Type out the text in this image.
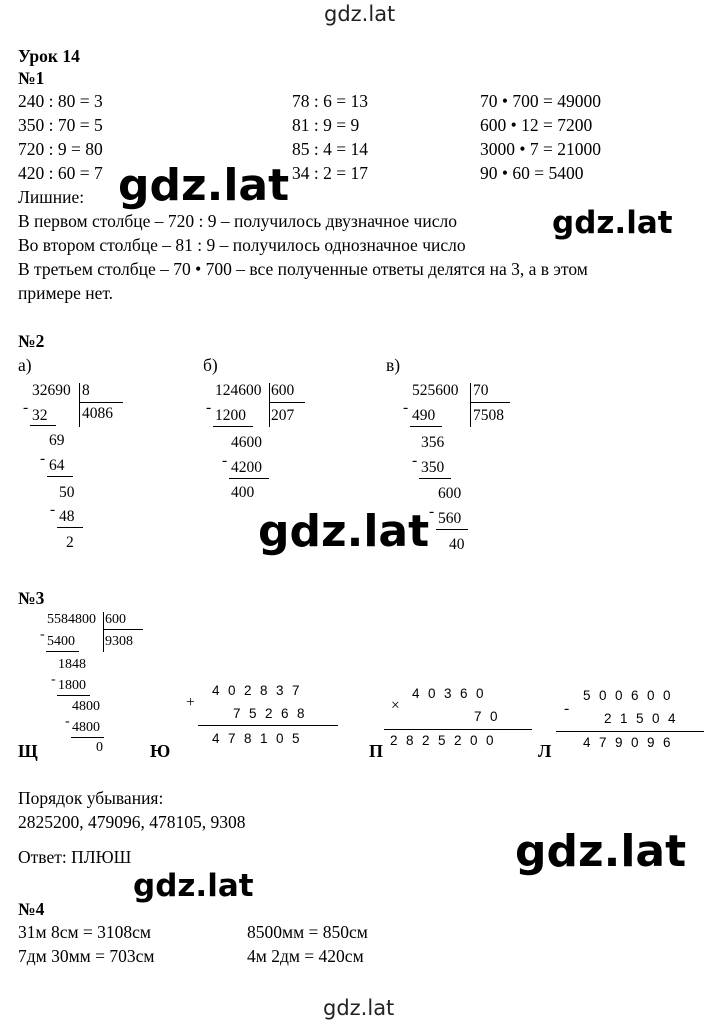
gdz.lat
gdz.lat
gdz.lat
gdz.lat
gdz.lat
gdz.lat
gdz.lat
Урок 14
№1
240 : 80 = 3
350 : 70 = 5
720 : 9 = 80
420 : 60 = 7
78 : 6 = 13
81 : 9 = 9
85 : 4 = 14
34 : 2 = 17
70 • 700 = 49000
600 • 12 = 7200
3000 • 7 = 21000
90 • 60 = 5400
Лишние:
В первом столбце – 720 : 9 – получилось двузначное число
Во втором столбце – 81 : 9 – получилось однозначное число
В третьем столбце – 70 • 700 – все полученные ответы делятся на 3, а в этом
примере нет.
№2
а)	б)	в)
32690 8
4086
- 32
69
- 64
50
- 48
2
124600 600
207
- 1200
4600
- 4200
400
525600 70
7508
- 490
356
- 350
600
- 560
40
№3
5584800 600
9308
- 5400
1848
- 1800
4800
- 4800
0
Щ
402837
+
75268
478105
Ю
40360
×
70
2825200
П
500600
-
21504
479096
Л
Порядок убывания:
2825200, 479096, 478105, 9308
Ответ: ПЛЮШ
№4
31м 8см = 3108см
7дм 30мм = 703см
8500мм = 850см
4м 2дм = 420см
